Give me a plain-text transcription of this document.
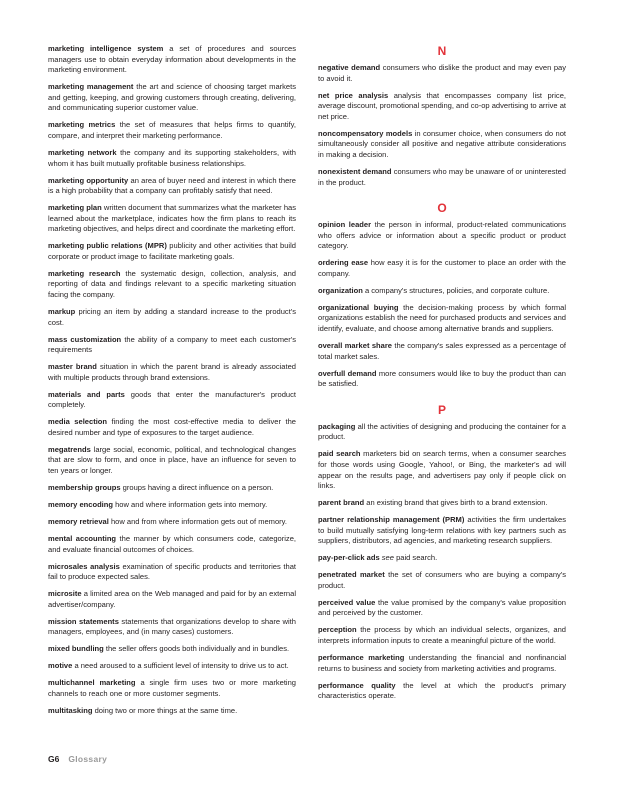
marketing intelligence system a set of procedures and sources managers use to obtain everyday information about developments in the marketing environment.

marketing management the art and science of choosing target markets and getting, keeping, and growing customers through creating, delivering, and communicating superior customer value.

marketing metrics the set of measures that helps firms to quantify, compare, and interpret their marketing performance.

marketing network the company and its supporting stakeholders, with whom it has built mutually profitable business relationships.

marketing opportunity an area of buyer need and interest in which there is a high probability that a company can profitably satisfy that need.

marketing plan written document that summarizes what the marketer has learned about the marketplace, indicates how the firm plans to reach its marketing objectives, and helps direct and coordinate the marketing effort.

marketing public relations (MPR) publicity and other activities that build corporate or product image to facilitate marketing goals.

marketing research the systematic design, collection, analysis, and reporting of data and findings relevant to a specific marketing situation facing the company.

markup pricing an item by adding a standard increase to the product's cost.

mass customization the ability of a company to meet each customer's requirements

master brand situation in which the parent brand is already associated with multiple products through brand extensions.

materials and parts goods that enter the manufacturer's product completely.

media selection finding the most cost-effective media to deliver the desired number and type of exposures to the target audience.

megatrends large social, economic, political, and technological changes that are slow to form, and once in place, have an influence for seven to ten years or longer.

membership groups groups having a direct influence on a person.

memory encoding how and where information gets into memory.

memory retrieval how and from where information gets out of memory.

mental accounting the manner by which consumers code, categorize, and evaluate financial outcomes of choices.

microsales analysis examination of specific products and territories that fail to produce expected sales.

microsite a limited area on the Web managed and paid for by an external advertiser/company.

mission statements statements that organizations develop to share with managers, employees, and (in many cases) customers.

mixed bundling the seller offers goods both individually and in bundles.

motive a need aroused to a sufficient level of intensity to drive us to act.

multichannel marketing a single firm uses two or more marketing channels to reach one or more customer segments.

multitasking doing two or more things at the same time.

N

negative demand consumers who dislike the product and may even pay to avoid it.

net price analysis analysis that encompasses company list price, average discount, promotional spending, and co-op advertising to arrive at net price.

noncompensatory models in consumer choice, when consumers do not simultaneously consider all positive and negative attribute considerations in making a decision.

nonexistent demand consumers who may be unaware of or uninterested in the product.

O

opinion leader the person in informal, product-related communications who offers advice or information about a specific product or product category.

ordering ease how easy it is for the customer to place an order with the company.

organization a company's structures, policies, and corporate culture.

organizational buying the decision-making process by which formal organizations establish the need for purchased products and services and identify, evaluate, and choose among alternative brands and suppliers.

overall market share the company's sales expressed as a percentage of total market sales.

overfull demand more consumers would like to buy the product than can be satisfied.

P

packaging all the activities of designing and producing the container for a product.

paid search marketers bid on search terms, when a consumer searches for those words using Google, Yahoo!, or Bing, the marketer's ad will appear on the results page, and advertisers pay only if people click on links.

parent brand an existing brand that gives birth to a brand extension.

partner relationship management (PRM) activities the firm undertakes to build mutually satisfying long-term relations with key partners such as suppliers, distributors, ad agencies, and marketing research suppliers.

pay-per-click ads see paid search.

penetrated market the set of consumers who are buying a company's product.

perceived value the value promised by the company's value proposition and perceived by the customer.

perception the process by which an individual selects, organizes, and interprets information inputs to create a meaningful picture of the world.

performance marketing understanding the financial and nonfinancial returns to business and society from marketing activities and programs.

performance quality the level at which the product's primary characteristics operate.

G6 Glossary
